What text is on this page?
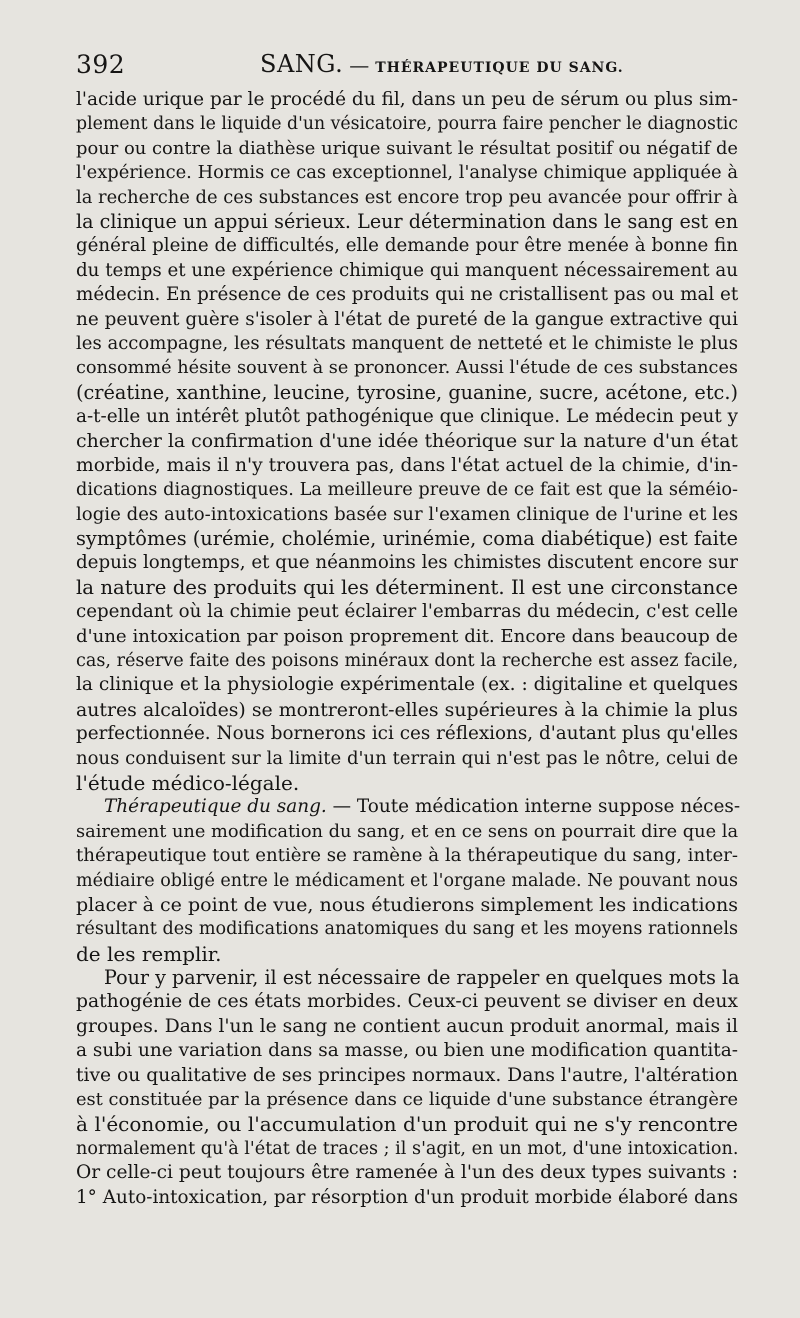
392	SANG. — THÉRAPEUTIQUE DU SANG.
l'acide urique par le procédé du fil, dans un peu de sérum ou plus sim-
plement dans le liquide d'un vésicatoire, pourra faire pencher le diagnostic
pour ou contre la diathèse urique suivant le résultat positif ou négatif de
l'expérience. Hormis ce cas exceptionnel, l'analyse chimique appliquée à
la recherche de ces substances est encore trop peu avancée pour offrir à
la clinique un appui sérieux. Leur détermination dans le sang est en
général pleine de difficultés, elle demande pour être menée à bonne fin
du temps et une expérience chimique qui manquent nécessairement au
médecin. En présence de ces produits qui ne cristallisent pas ou mal et
ne peuvent guère s'isoler à l'état de pureté de la gangue extractive qui
les accompagne, les résultats manquent de netteté et le chimiste le plus
consommé hésite souvent à se prononcer. Aussi l'étude de ces substances
(créatine, xanthine, leucine, tyrosine, guanine, sucre, acétone, etc.)
a-t-elle un intérêt plutôt pathogénique que clinique. Le médecin peut y
chercher la confirmation d'une idée théorique sur la nature d'un état
morbide, mais il n'y trouvera pas, dans l'état actuel de la chimie, d'in-
dications diagnostiques. La meilleure preuve de ce fait est que la séméio-
logie des auto-intoxications basée sur l'examen clinique de l'urine et les
symptômes (urémie, cholémie, urinémie, coma diabétique) est faite
depuis longtemps, et que néanmoins les chimistes discutent encore sur
la nature des produits qui les déterminent. Il est une circonstance
cependant où la chimie peut éclairer l'embarras du médecin, c'est celle
d'une intoxication par poison proprement dit. Encore dans beaucoup de
cas, réserve faite des poisons minéraux dont la recherche est assez facile,
la clinique et la physiologie expérimentale (ex. : digitaline et quelques
autres alcaloïdes) se montreront-elles supérieures à la chimie la plus
perfectionnée. Nous bornerons ici ces réflexions, d'autant plus qu'elles
nous conduisent sur la limite d'un terrain qui n'est pas le nôtre, celui de
l'étude médico-légale.
Thérapeutique du sang. — Toute médication interne suppose néces-
sairement une modification du sang, et en ce sens on pourrait dire que la
thérapeutique tout entière se ramène à la thérapeutique du sang, inter-
médiaire obligé entre le médicament et l'organe malade. Ne pouvant nous
placer à ce point de vue, nous étudierons simplement les indications
résultant des modifications anatomiques du sang et les moyens rationnels
de les remplir.
Pour y parvenir, il est nécessaire de rappeler en quelques mots la
pathogénie de ces états morbides. Ceux-ci peuvent se diviser en deux
groupes. Dans l'un le sang ne contient aucun produit anormal, mais il
a subi une variation dans sa masse, ou bien une modification quantita-
tive ou qualitative de ses principes normaux. Dans l'autre, l'altération
est constituée par la présence dans ce liquide d'une substance étrangère
à l'économie, ou l'accumulation d'un produit qui ne s'y rencontre
normalement qu'à l'état de traces ; il s'agit, en un mot, d'une intoxication.
Or celle-ci peut toujours être ramenée à l'un des deux types suivants :
1° Auto-intoxication, par résorption d'un produit morbide élaboré dans
